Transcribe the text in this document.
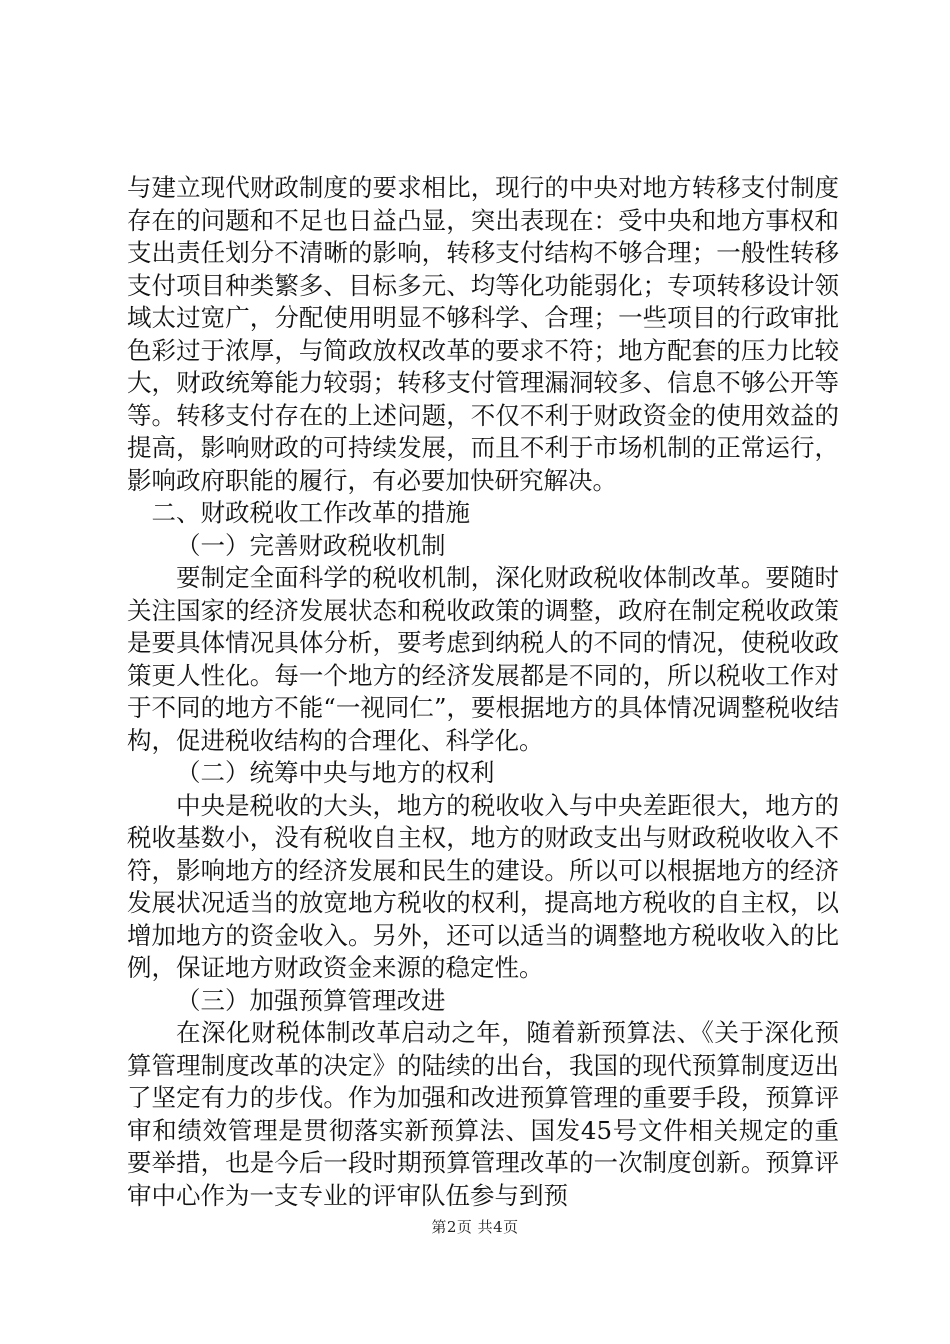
与建立现代财政制度的要求相比，现行的中央对地方转移支付制度存在的问题和不足也日益凸显，突出表现在：受中央和地方事权和支出责任划分不清晰的影响，转移支付结构不够合理；一般性转移支付项目种类繁多、目标多元、均等化功能弱化；专项转移设计领域太过宽广，分配使用明显不够科学、合理；一些项目的行政审批色彩过于浓厚，与简政放权改革的要求不符；地方配套的压力比较大，财政统筹能力较弱；转移支付管理漏洞较多、信息不够公开等等。转移支付存在的上述问题，不仅不利于财政资金的使用效益的提高，影响财政的可持续发展，而且不利于市场机制的正常运行，影响政府职能的履行，有必要加快研究解决。

二、财政税收工作改革的措施

（一）完善财政税收机制

要制定全面科学的税收机制，深化财政税收体制改革。要随时关注国家的经济发展状态和税收政策的调整，政府在制定税收政策是要具体情况具体分析，要考虑到纳税人的不同的情况，使税收政策更人性化。每一个地方的经济发展都是不同的，所以税收工作对于不同的地方不能“一视同仁”，要根据地方的具体情况调整税收结构，促进税收结构的合理化、科学化。

（二）统筹中央与地方的权利

中央是税收的大头，地方的税收收入与中央差距很大，地方的税收基数小，没有税收自主权，地方的财政支出与财政税收收入不符，影响地方的经济发展和民生的建设。所以可以根据地方的经济发展状况适当的放宽地方税收的权利，提高地方税收的自主权，以增加地方的资金收入。另外，还可以适当的调整地方税收收入的比例，保证地方财政资金来源的稳定性。

（三）加强预算管理改进

在深化财税体制改革启动之年，随着新预算法、《关于深化预算管理制度改革的决定》的陆续的出台，我国的现代预算制度迈出了坚定有力的步伐。作为加强和改进预算管理的重要手段，预算评审和绩效管理是贯彻落实新预算法、国发45号文件相关规定的重要举措，也是今后一段时期预算管理改革的一次制度创新。预算评审中心作为一支专业的评审队伍参与到预

第2页 共4页
